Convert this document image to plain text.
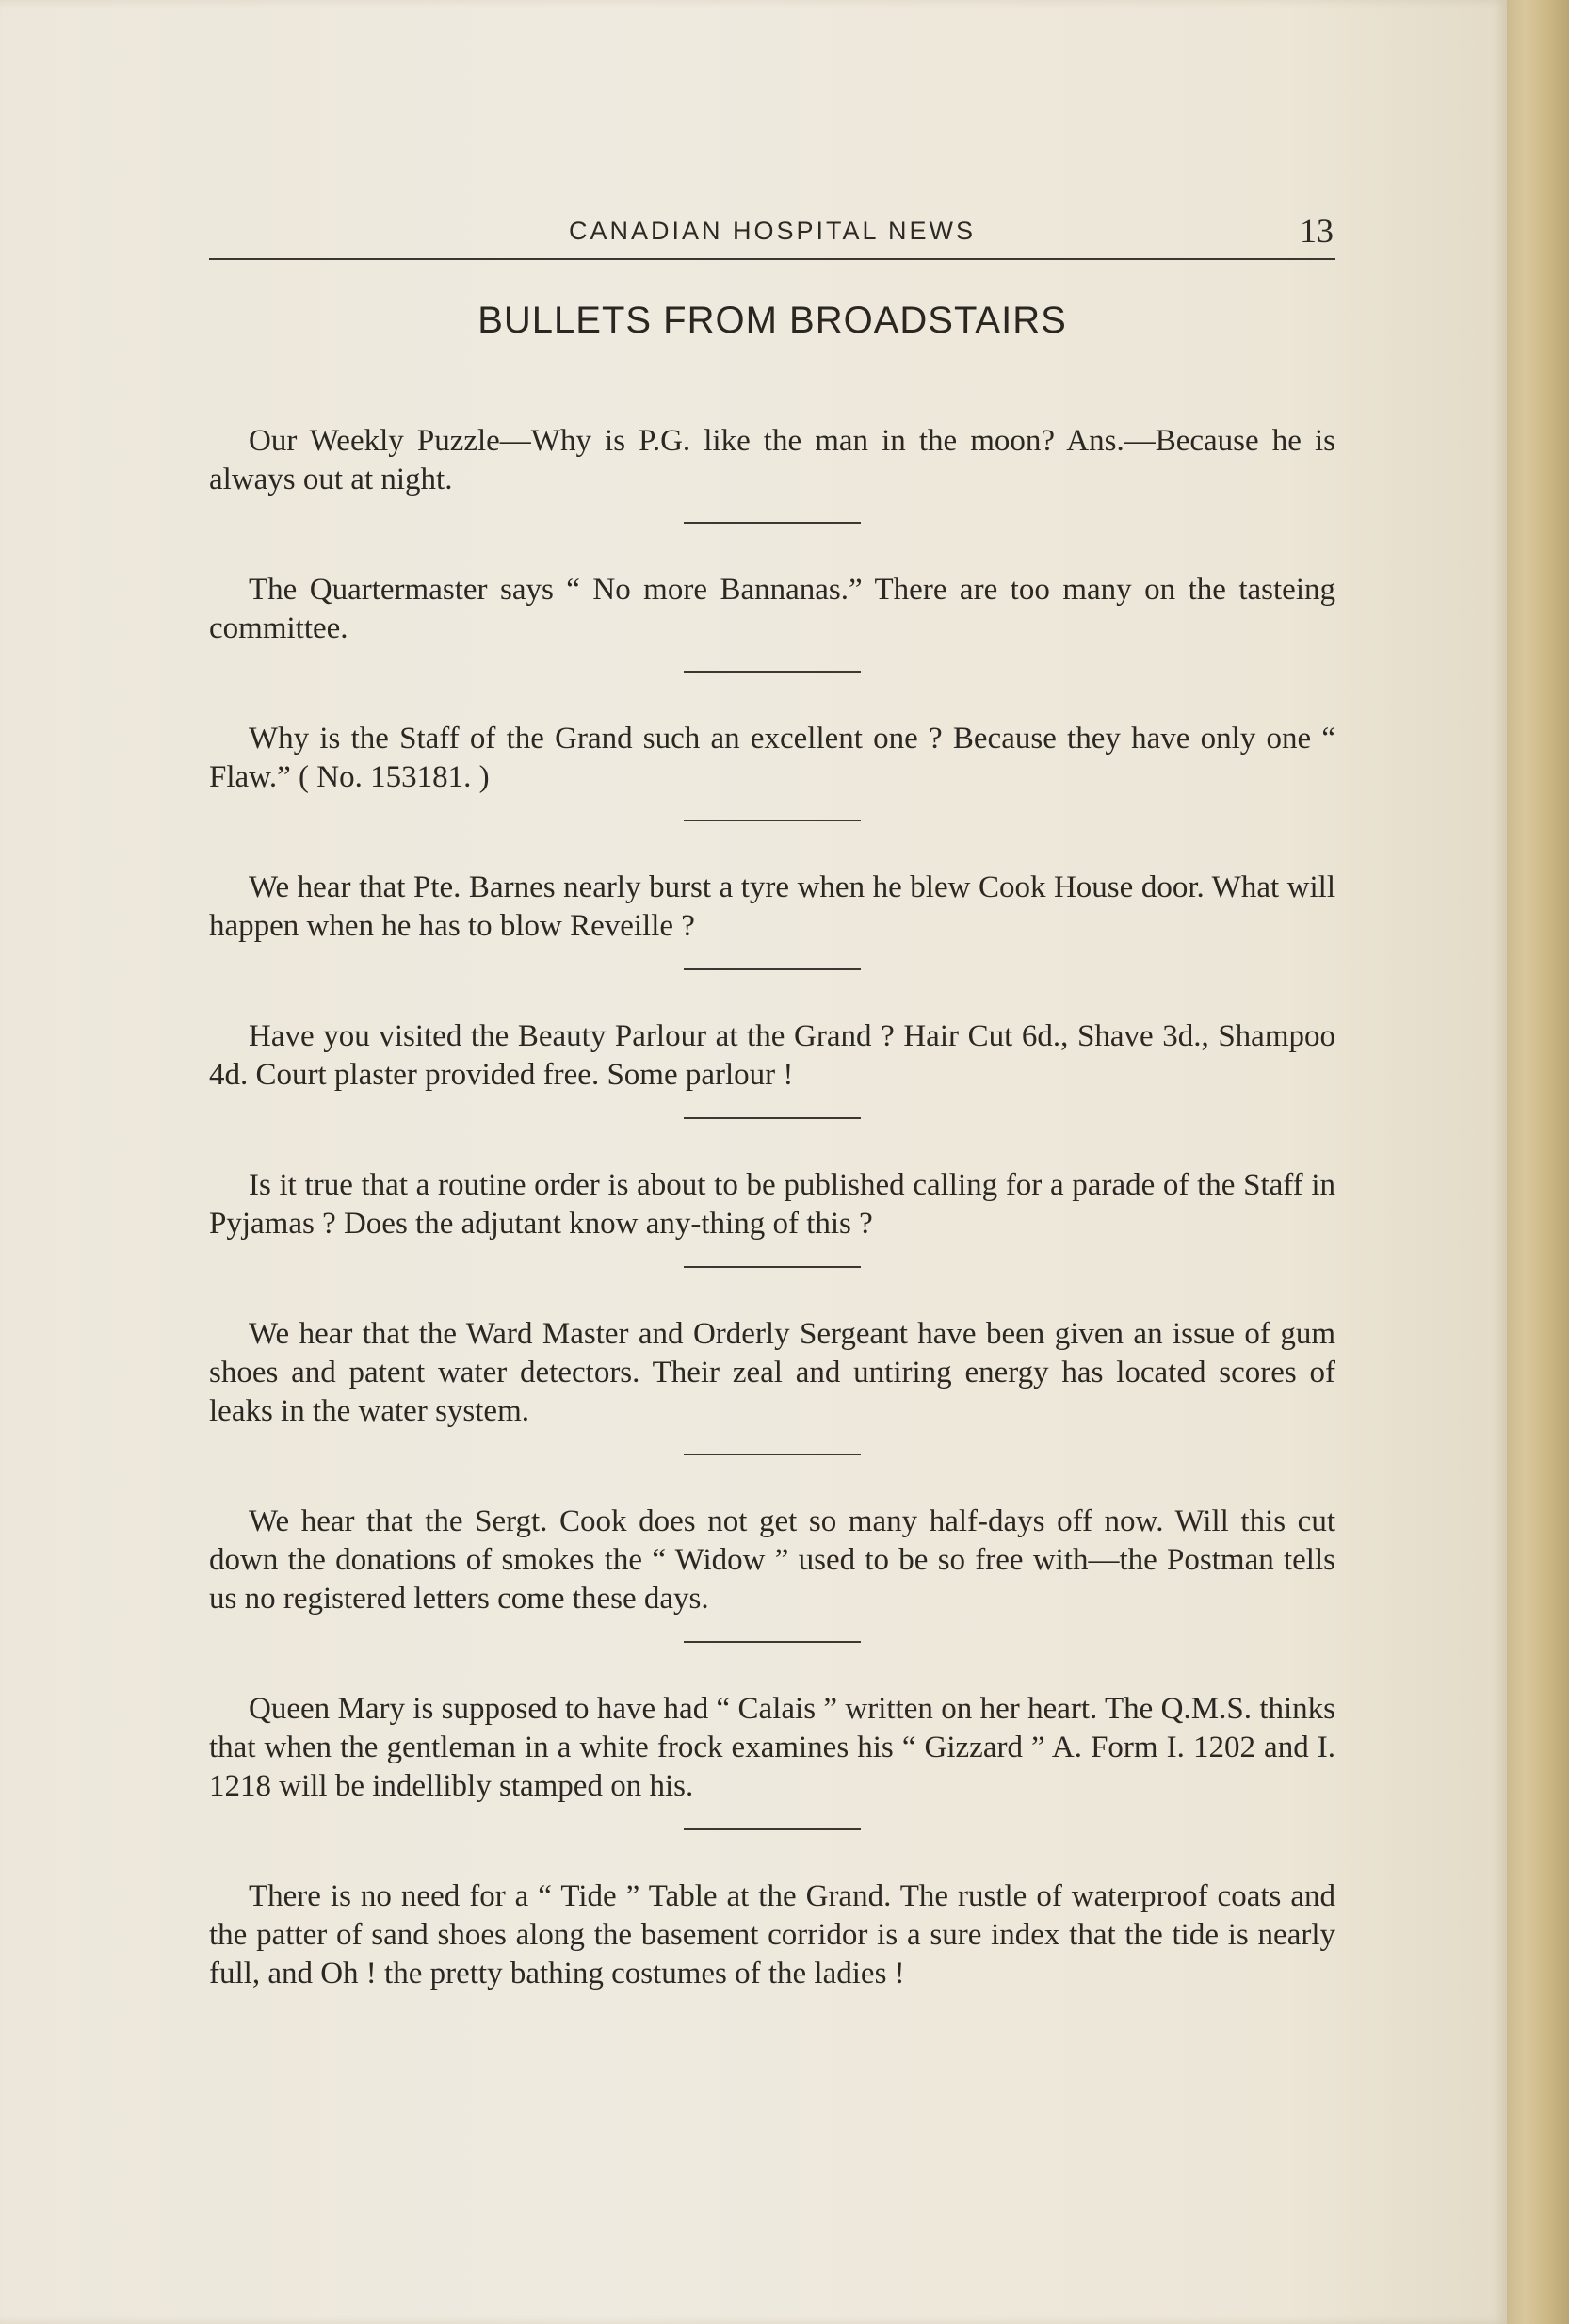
CANADIAN HOSPITAL NEWS	13
BULLETS FROM BROADSTAIRS

Our Weekly Puzzle—Why is P.G. like the man in the moon? Ans.—Because he is always out at night.

The Quartermaster says “ No more Bannanas.” There are too many on the tasteing committee.

Why is the Staff of the Grand such an excellent one ? Because they have only one “ Flaw.” ( No. 153181. )

We hear that Pte. Barnes nearly burst a tyre when he blew Cook House door. What will happen when he has to blow Reveille ?

Have you visited the Beauty Parlour at the Grand ? Hair Cut 6d., Shave 3d., Shampoo 4d. Court plaster provided free. Some parlour !

Is it true that a routine order is about to be published calling for a parade of the Staff in Pyjamas ? Does the adjutant know any-thing of this ?

We hear that the Ward Master and Orderly Sergeant have been given an issue of gum shoes and patent water detectors. Their zeal and untiring energy has located scores of leaks in the water system.

We hear that the Sergt. Cook does not get so many half-days off now. Will this cut down the donations of smokes the “ Widow ” used to be so free with—the Postman tells us no registered letters come these days.

Queen Mary is supposed to have had “ Calais ” written on her heart. The Q.M.S. thinks that when the gentleman in a white frock examines his “ Gizzard ” A. Form I. 1202 and I. 1218 will be indellibly stamped on his.

There is no need for a “ Tide ” Table at the Grand. The rustle of waterproof coats and the patter of sand shoes along the basement corridor is a sure index that the tide is nearly full, and Oh ! the pretty bathing costumes of the ladies !
